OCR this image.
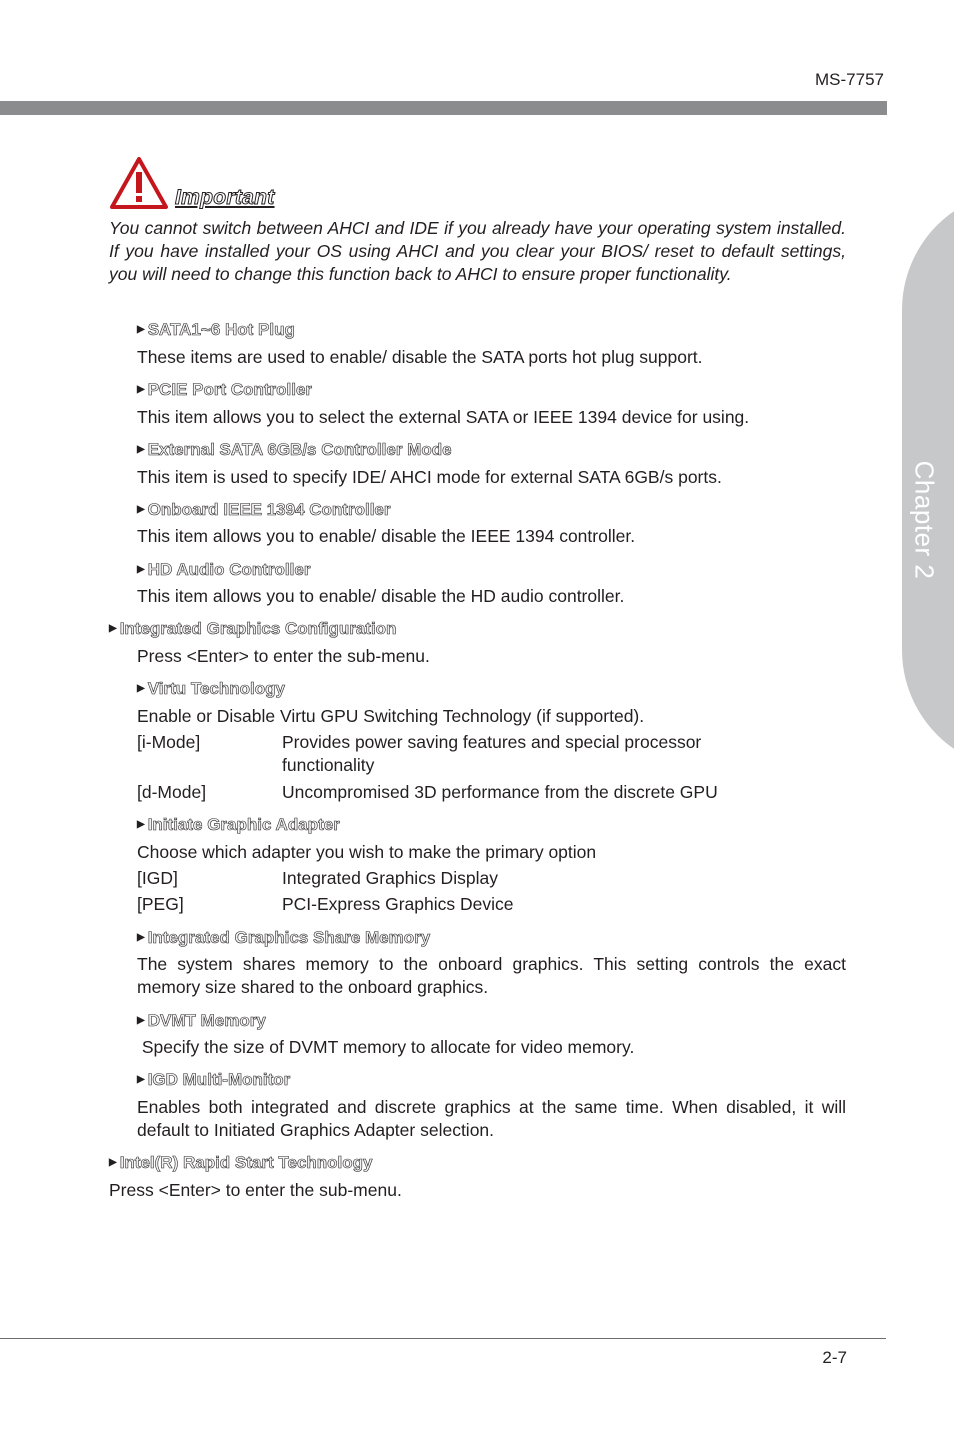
MS-7757
Chapter 2
Important
You cannot switch between AHCI and IDE if you already have your operating system installed. If you have installed your OS using AHCI and you clear your BIOS/ reset to default settings, you will need to change this function back to AHCI to ensure proper functionality.
▶ SATA1~6 Hot Plug
These items are used to enable/ disable the SATA ports hot plug support.
▶ PCIE Port Controller
This item allows you to select the external SATA or IEEE 1394 device for using.
▶ External SATA 6GB/s Controller Mode
This item is used to specify IDE/ AHCI mode for external SATA 6GB/s ports.
▶ Onboard IEEE 1394 Controller
This item allows you to enable/ disable the IEEE 1394 controller.
▶ HD Audio Controller
This item allows you to enable/ disable the HD audio controller.
▶ Integrated Graphics Configuration
Press <Enter> to enter the sub-menu.
▶ Virtu Technology
Enable or Disable Virtu GPU Switching Technology (if supported).
[i-Mode]	Provides power saving features and special processor functionality
[d-Mode]	Uncompromised 3D performance from the discrete GPU
▶ Initiate Graphic Adapter
Choose which adapter you wish to make the primary option
[IGD]	Integrated Graphics Display
[PEG]	PCI-Express Graphics Device
▶ Integrated Graphics Share Memory
The system shares memory to the onboard graphics. This setting controls the exact memory size shared to the onboard graphics.
▶ DVMT Memory
Specify the size of DVMT memory to allocate for video memory.
▶ IGD Multi-Monitor
Enables both integrated and discrete graphics at the same time. When disabled, it will default to Initiated Graphics Adapter selection.
▶ Intel(R) Rapid Start Technology
Press <Enter> to enter the sub-menu.
2-7
